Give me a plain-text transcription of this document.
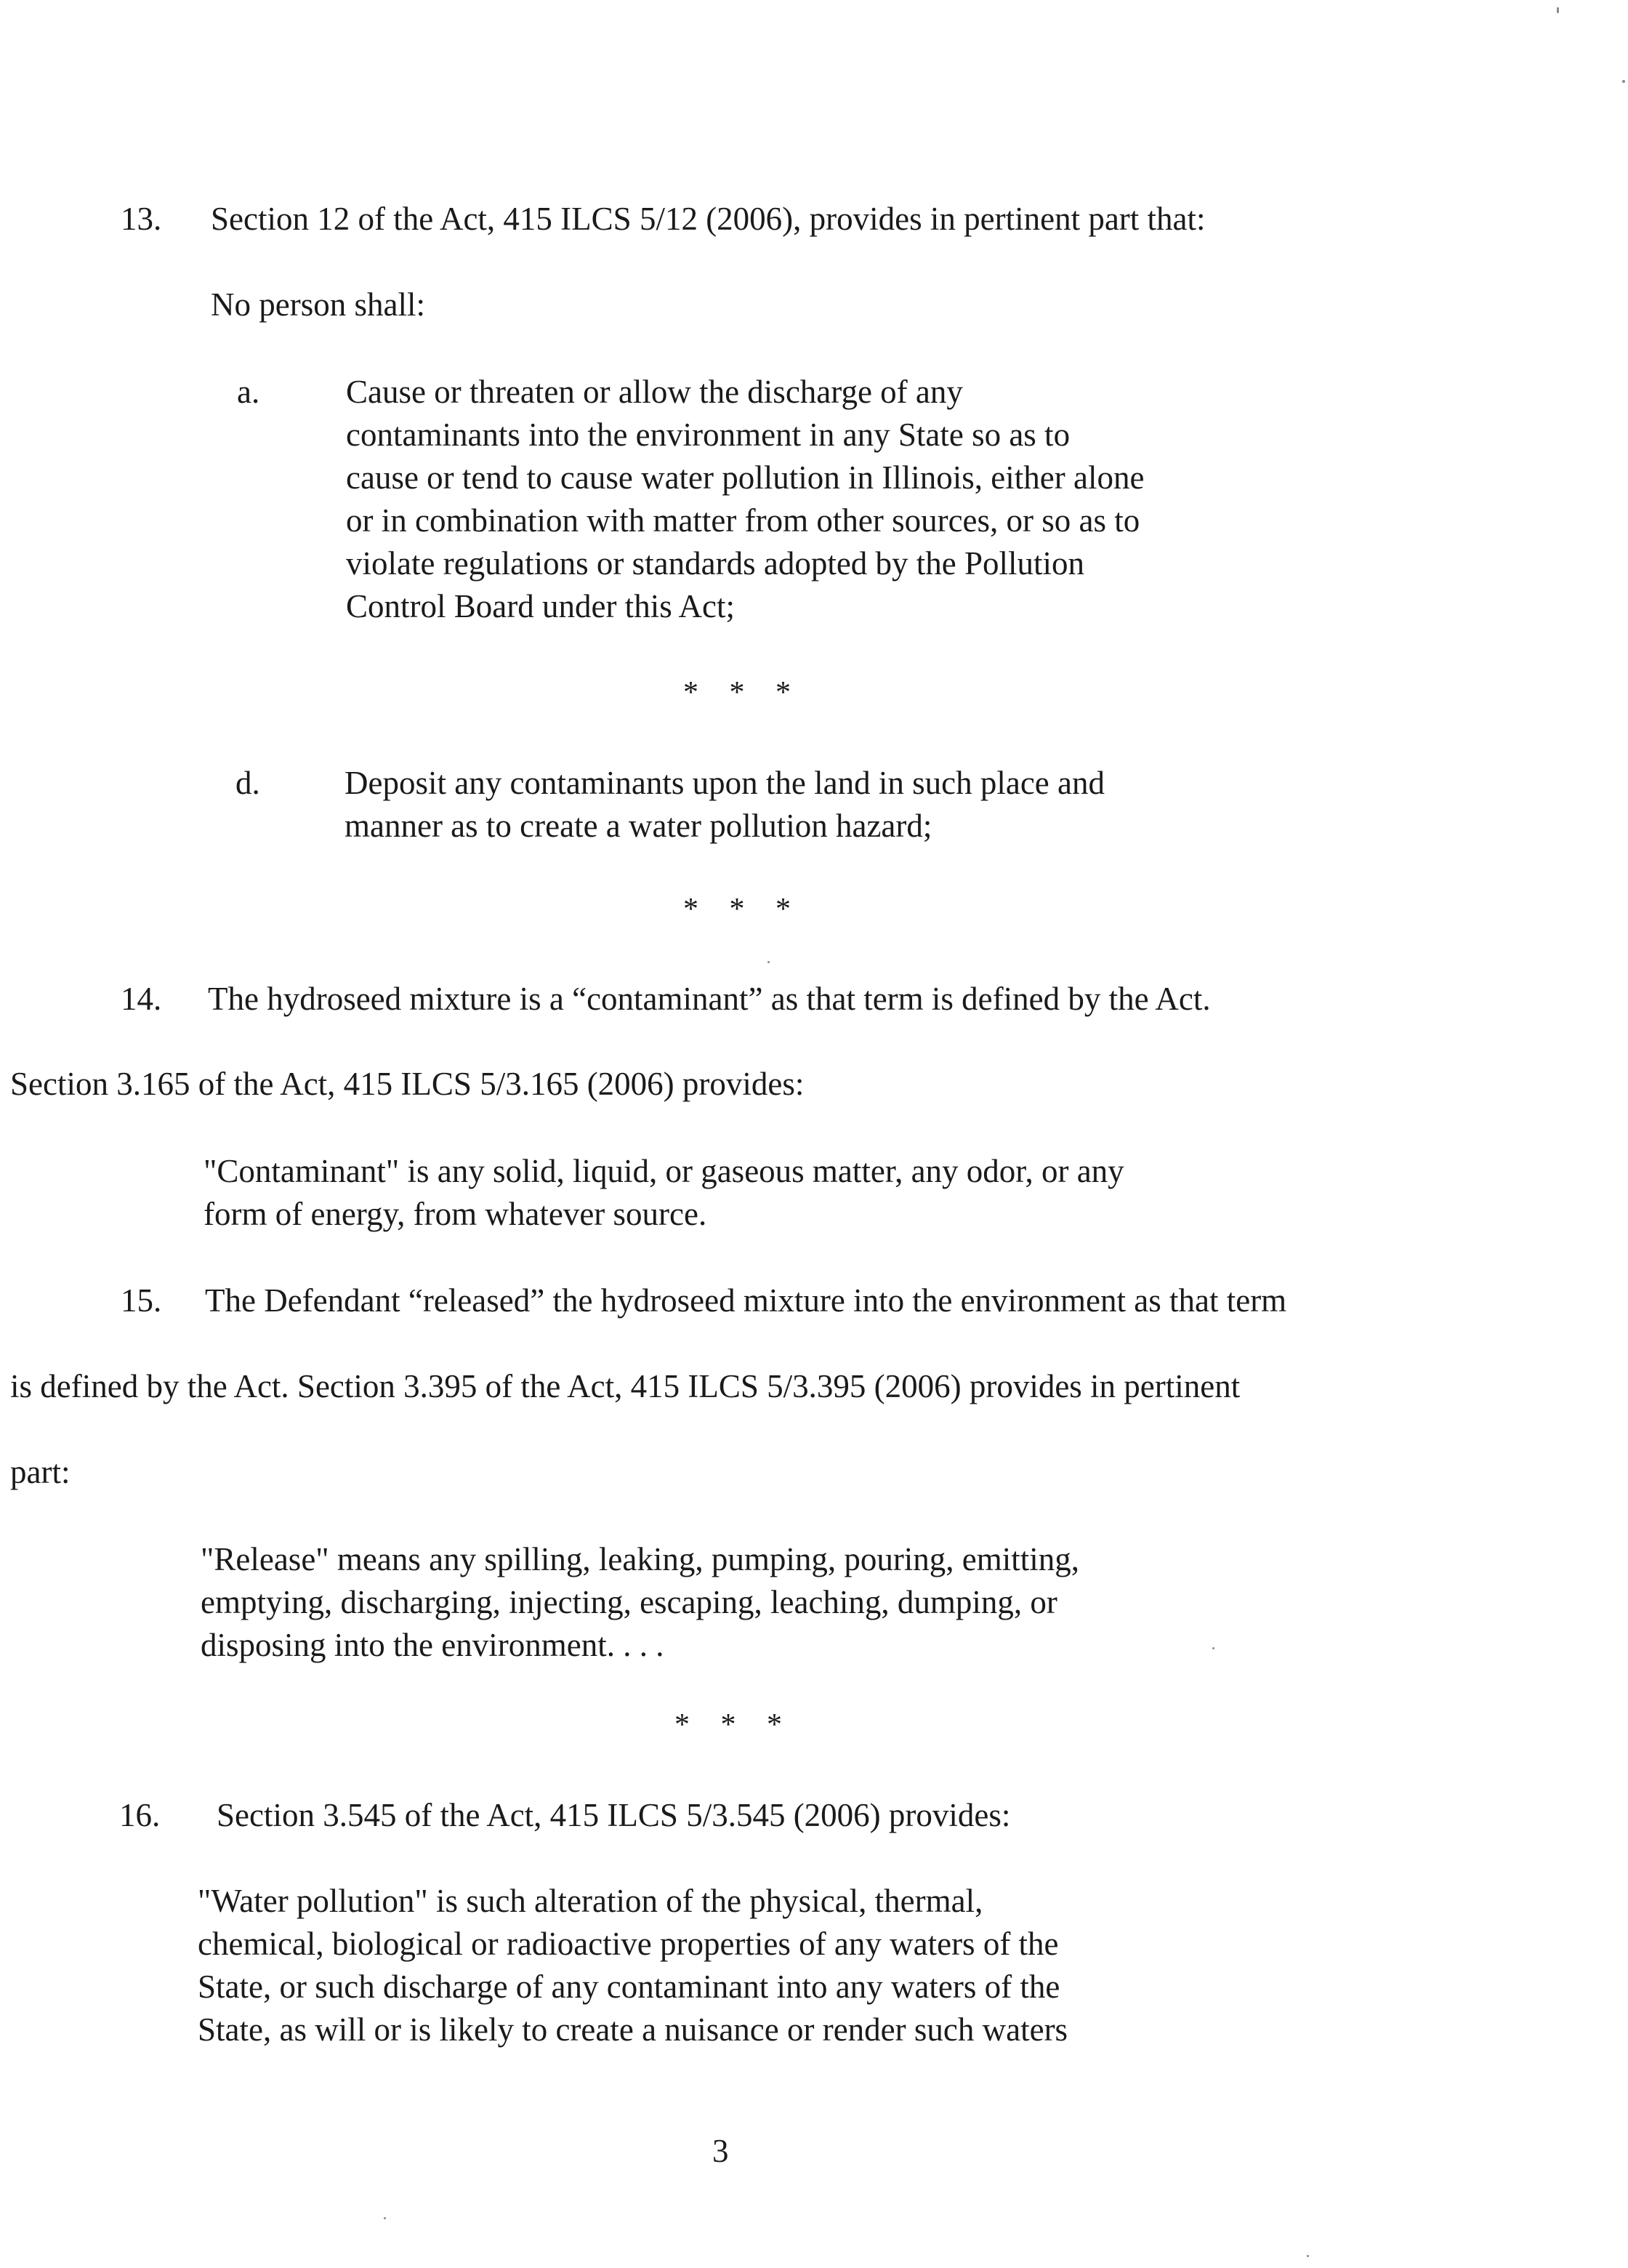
13. Section 12 of the Act, 415 ILCS 5/12 (2006), provides in pertinent part that:

No person shall:

a.	Cause or threaten or allow the discharge of any

contaminants into the environment in any State so as to

cause or tend to cause water pollution in Illinois, either alone

or in combination with matter from other sources, or so as to

violate regulations or standards adopted by the Pollution

Control Board under this Act;

* * *

d.	Deposit any contaminants upon the land in such place and

manner as to create a water pollution hazard;

* * *

14. The hydroseed mixture is a “contaminant” as that term is defined by the Act.

Section 3.165 of the Act, 415 ILCS 5/3.165 (2006) provides:

"Contaminant" is any solid, liquid, or gaseous matter, any odor, or any

form of energy, from whatever source.

15. The Defendant “released” the hydroseed mixture into the environment as that term

is defined by the Act. Section 3.395 of the Act, 415 ILCS 5/3.395 (2006) provides in pertinent

part:

"Release" means any spilling, leaking, pumping, pouring, emitting,

emptying, discharging, injecting, escaping, leaching, dumping, or

disposing into the environment. . . .

* * *

16. Section 3.545 of the Act, 415 ILCS 5/3.545 (2006) provides:

"Water pollution" is such alteration of the physical, thermal,

chemical, biological or radioactive properties of any waters of the

State, or such discharge of any contaminant into any waters of the

State, as will or is likely to create a nuisance or render such waters

3
